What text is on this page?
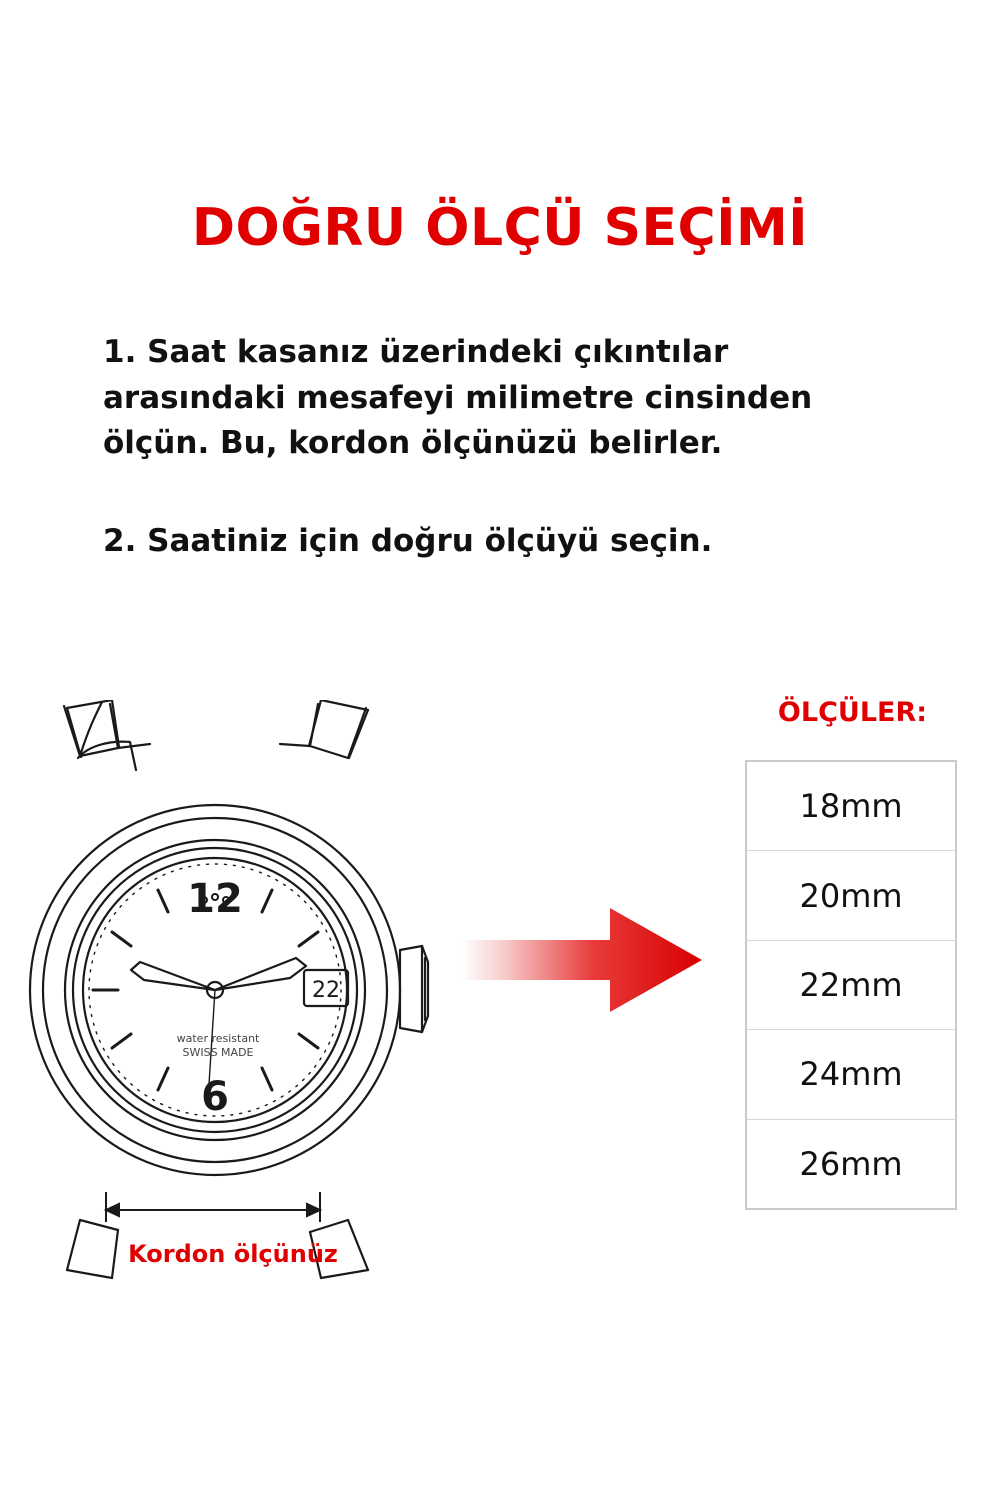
DOĞRU ÖLÇÜ SEÇİMİ
1. Saat kasanız üzerindeki çıkıntılar arasındaki mesafeyi milimetre cinsinden ölçün. Bu, kordon ölçünüzü belirler.
2. Saatiniz için doğru ölçüyü seçin.
12
6
22
water resistant
SWISS MADE
Kordon ölçünüz
ÖLÇÜLER:
18mm
20mm
22mm
24mm
26mm
